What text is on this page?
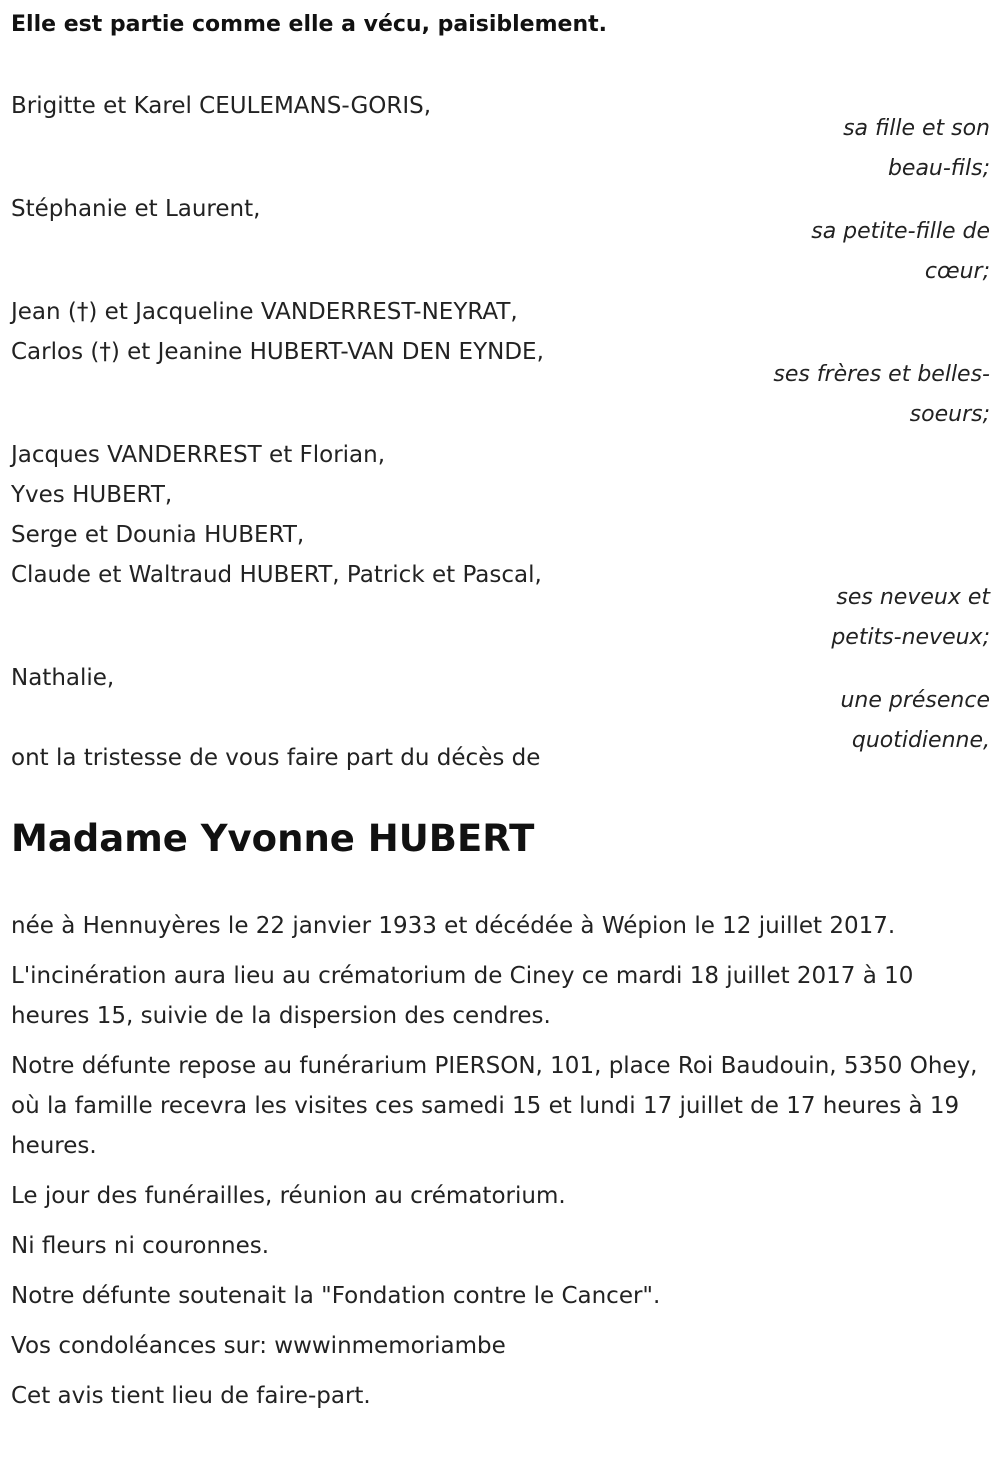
Elle est partie comme elle a vécu, paisiblement.
Brigitte et Karel CEULEMANS-GORIS,
sa fille et son
beau-fils;
Stéphanie et Laurent,
sa petite-fille de
cœur;
Jean (†) et Jacqueline VANDERREST-NEYRAT,
Carlos (†) et Jeanine HUBERT-VAN DEN EYNDE,
ses frères et belles-
soeurs;
Jacques VANDERREST et Florian,
Yves HUBERT,
Serge et Dounia HUBERT,
Claude et Waltraud HUBERT, Patrick et Pascal,
ses neveux et
petits-neveux;
Nathalie,
une présence
quotidienne,
ont la tristesse de vous faire part du décès de
Madame Yvonne HUBERT

née à Hennuyères le 22 janvier 1933 et décédée à Wépion le 12 juillet 2017.

L'incinération aura lieu au crématorium de Ciney ce mardi 18 juillet 2017 à 10 heures 15, suivie de la dispersion des cendres.

Notre défunte repose au funérarium PIERSON, 101, place Roi Baudouin, 5350 Ohey, où la famille recevra les visites ces samedi 15 et lundi 17 juillet de 17 heures à 19 heures.

Le jour des funérailles, réunion au crématorium.

Ni fleurs ni couronnes.

Notre défunte soutenait la "Fondation contre le Cancer".

Vos condoléances sur: wwwinmemoriambe

Cet avis tient lieu de faire-part.
